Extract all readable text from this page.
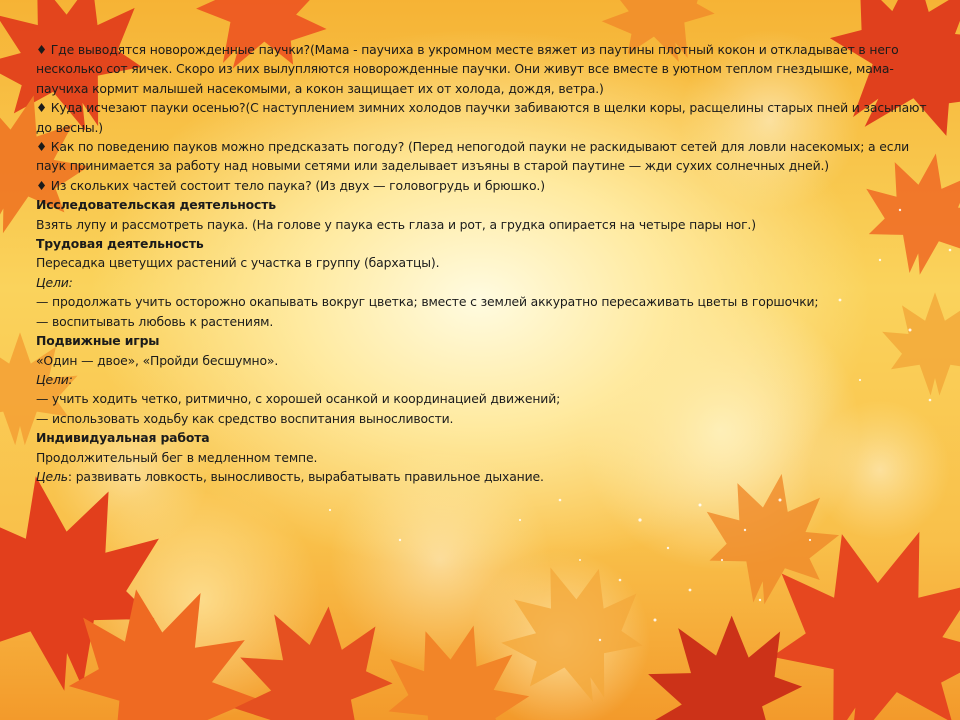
♦ Где выводятся новорожденные паучки?(Мама - паучиха в укромном месте вяжет из паутины плотный кокон и откладывает в него несколько сот яичек. Скоро из них вылупляются новорожденные паучки. Они живут все вместе в уютном теплом гнездышке, мама-паучиха кормит малышей насекомыми, а кокон защищает их от холода, дождя, ветра.)

♦ Куда исчезают пауки осенью?(С наступлением зимних холодов паучки забиваются в щелки коры, расщелины старых пней и засыпают до весны.)

♦ Как по поведению пауков можно предсказать погоду? (Перед непогодой пауки не раскидывают сетей для ловли насекомых; а если паук принимается за работу над новыми сетями или заделывает изъяны в старой паутине — жди сухих солнечных дней.)

♦ Из скольких частей состоит тело паука? (Из двух — головогрудь и брюшко.)

Исследовательская деятельность

Взять лупу и рассмотреть паука. (На голове у паука есть глаза и рот, а грудка опирается на четыре пары ног.)

Трудовая деятельность

Пересадка цветущих растений с участка в группу (бархатцы).

Цели:

— продолжать учить осторожно окапывать вокруг цветка; вместе с землей аккуратно пересаживать цветы в горшочки;

— воспитывать любовь к растениям.

Подвижные игры

«Один — двое», «Пройди бесшумно».

Цели:

— учить ходить четко, ритмично, с хорошей осанкой и координацией движений;

— использовать ходьбу как средство воспитания выносливости.

Индивидуальная работа

Продолжительный бег в медленном темпе.

Цель: развивать ловкость, выносливость, вырабатывать правильное дыхание.
